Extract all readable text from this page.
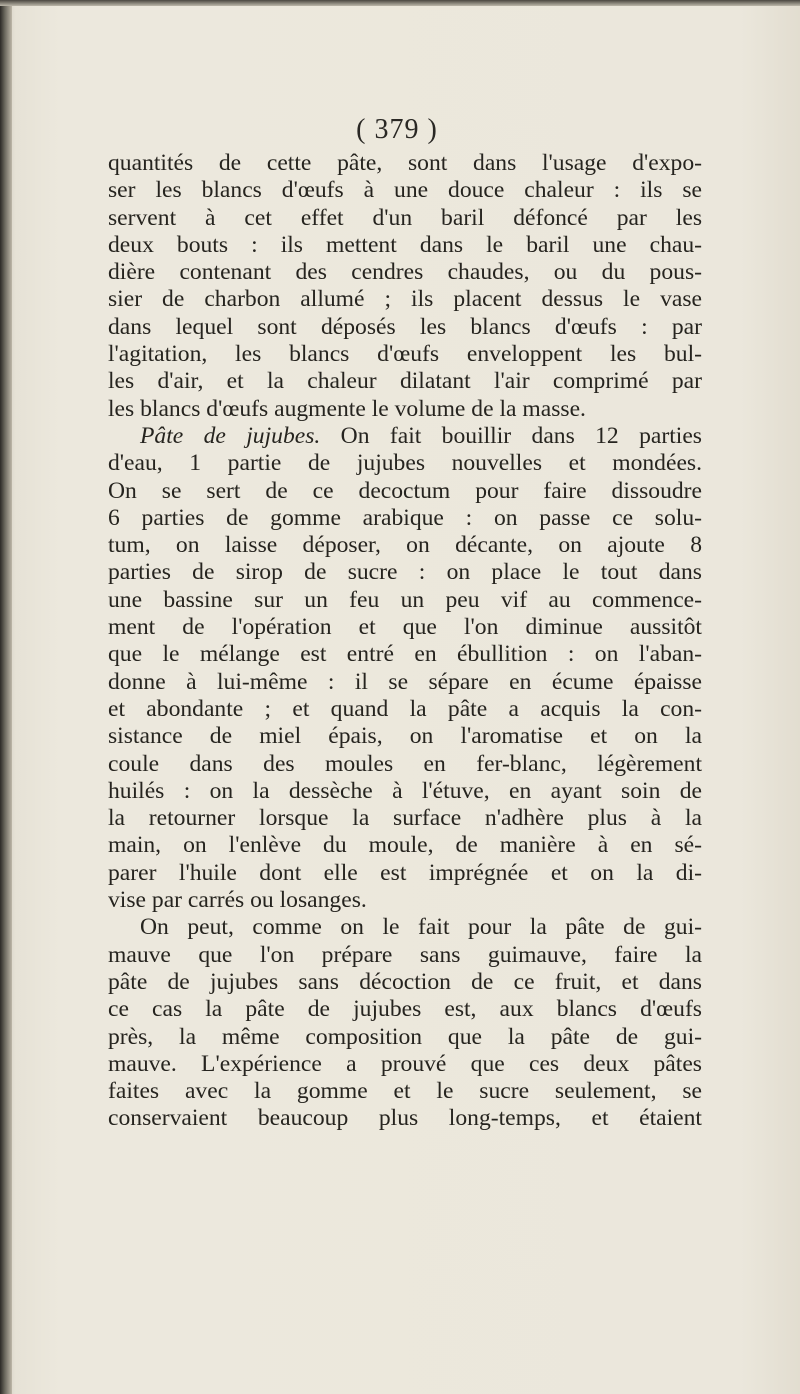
( 379 )
quantités de cette pâte, sont dans l'usage d'expo-
ser les blancs d'œufs à une douce chaleur : ils se
servent à cet effet d'un baril défoncé par les
deux bouts : ils mettent dans le baril une chau-
dière contenant des cendres chaudes, ou du pous-
sier de charbon allumé ; ils placent dessus le vase
dans lequel sont déposés les blancs d'œufs : par
l'agitation, les blancs d'œufs enveloppent les bul-
les d'air, et la chaleur dilatant l'air comprimé par
les blancs d'œufs augmente le volume de la masse.
Pâte de jujubes. On fait bouillir dans 12 parties
d'eau, 1 partie de jujubes nouvelles et mondées.
On se sert de ce decoctum pour faire dissoudre
6 parties de gomme arabique : on passe ce solu-
tum, on laisse déposer, on décante, on ajoute 8
parties de sirop de sucre : on place le tout dans
une bassine sur un feu un peu vif au commence-
ment de l'opération et que l'on diminue aussitôt
que le mélange est entré en ébullition : on l'aban-
donne à lui-même : il se sépare en écume épaisse
et abondante ; et quand la pâte a acquis la con-
sistance de miel épais, on l'aromatise et on la
coule dans des moules en fer-blanc, légèrement
huilés : on la dessèche à l'étuve, en ayant soin de
la retourner lorsque la surface n'adhère plus à la
main, on l'enlève du moule, de manière à en sé-
parer l'huile dont elle est imprégnée et on la di-
vise par carrés ou losanges.
On peut, comme on le fait pour la pâte de gui-
mauve que l'on prépare sans guimauve, faire la
pâte de jujubes sans décoction de ce fruit, et dans
ce cas la pâte de jujubes est, aux blancs d'œufs
près, la même composition que la pâte de gui-
mauve. L'expérience a prouvé que ces deux pâtes
faites avec la gomme et le sucre seulement, se
conservaient beaucoup plus long-temps, et étaient
